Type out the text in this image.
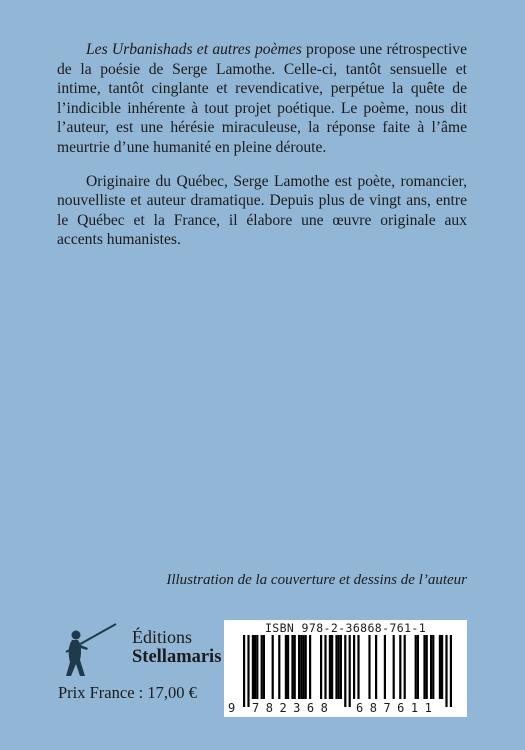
Les Urbanishads et autres poèmes propose une rétrospective de la poésie de Serge Lamothe. Celle-ci, tantôt sensuelle et intime, tantôt cinglante et revendicative, perpétue la quête de l’indicible inhérente à tout projet poétique. Le poème, nous dit l’auteur, est une hérésie miraculeuse, la réponse faite à l’âme meurtrie d’une humanité en pleine déroute.

Originaire du Québec, Serge Lamothe est poète, romancier, nouvelliste et auteur dramatique. Depuis plus de vingt ans, entre le Québec et la France, il élabore une œuvre originale aux accents humanistes.

Illustration de la couverture et dessins de l’auteur
Éditions
Stellamaris
Prix France : 17,00 €
ISBN 978-2-36868-761-1
9 782368 687611
